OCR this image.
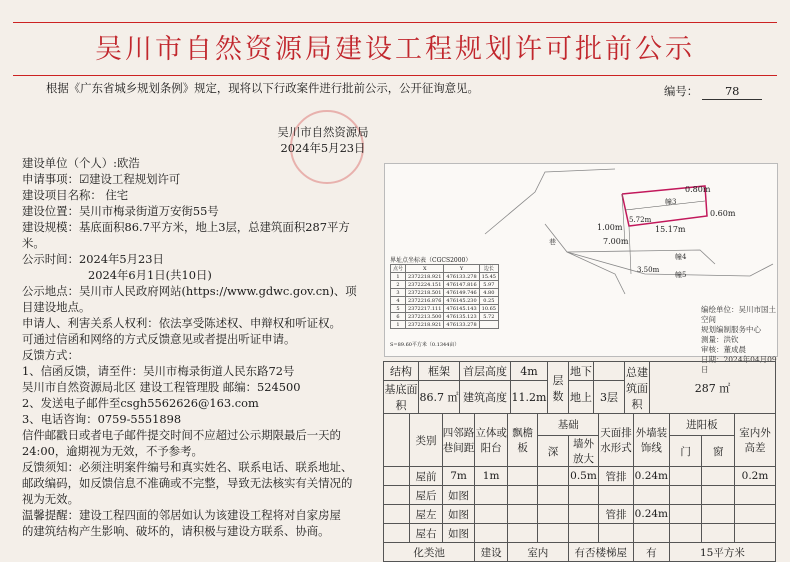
吴川市自然资源局建设工程规划许可批前公示
根据《广东省城乡规划条例》规定，现将以下行政案件进行批前公示，公开征询意见。	编号： 78
吴川市自然资源局
2024年5月23日
建设单位（个人）:欧浩
申请事项：☑建设工程规划许可
建设项目名称： 住宅
建设位置：吴川市梅录街道万安街55号
建设规模：基底面积86.7平方米，地上3层，总建筑面积287平方
米。
公示时间：2024年5月23日
2024年6月1日(共10日)
公示地点：吴川市人民政府网站(https://www.gdwc.gov.cn)、项
目建设地点。
申请人、利害关系人权利：依法享受陈述权、申辩权和听证权。
可通过信函和网络的方式反馈意见或者提出听证申请。
反馈方式：
1、信函反馈，请至件：吴川市梅录街道人民东路72号
吴川市自然资源局北区 建设工程管理股 邮编：524500
2、发送电子邮件至csgh5562626@163.com
3、电话咨询：0759-5551898
信件邮戳日或者电子邮件提交时间不应超过公示期限最后一天的
24:00，逾期视为无效，不予参考。
反馈须知：必须注明案件编号和真实姓名、联系电话、联系地址、
邮政编码，如反馈信息不准确或不完整，导致无法核实有关情况的
视为无效。
温馨提醒：建设工程四面的邻居如认为该建设工程将对自家房屋
的建筑结构产生影响、破坏的，请积极与建设方联系、协商。
幢3
幢4
幢5
巷
0.80m
0.60m
1.00m
7.00m
15.17m
5.72m
3.50m
界址点坐标表（CGCS2000）
点号	X	Y	边长
1	2372218.921	476133.278	15.45
2	2372224.151	476147.816	5.97
3	2372218.501	476149.746	4.80
4	2372216.876	476145.230	0.25
5	2372217.111	476145.143	10.65
6	2372213.500	476135.123	5.72
1	2372218.921	476133.278	
S=89.60平方米（0.1344亩）
编绘单位：吴川市国土空间
规划编制服务中心
测量：洪钦
审核：董成晨
日期：2024年04月09日
结构	框架	首层高度	4m	层数	地下		总建筑面积	287 ㎡
基底面积	86.7 ㎡	建筑高度	11.2m		地上	3层		
	类别	四邻路巷间距	立体或阳台	飘檐板	基础		天面排水形式	外墙装饰线	进阳板		室内外高差
					深	墙外放大			门	窗	
	屋前	7m	1m			0.5m	管排	0.24m			0.2m
	屋后	如图									
	屋左	如图					管排	0.24m			
	屋右	如图									
化类池			建设	室内		有否楼梯屋		有	15平方米		
